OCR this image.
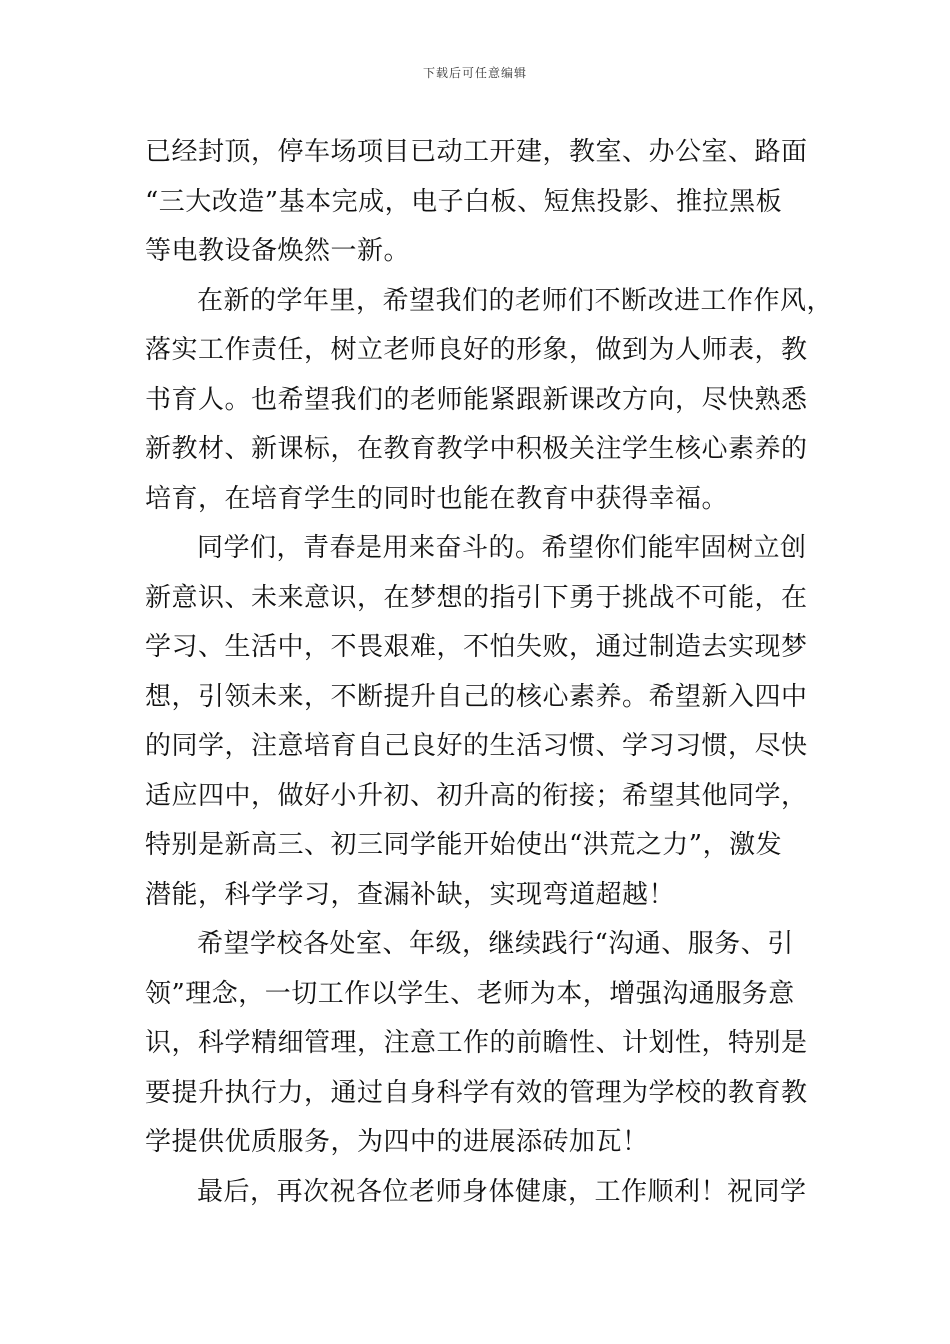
下载后可任意编辑
已经封顶，停车场项目已动工开建，教室、办公室、路面
“三大改造”基本完成，电子白板、短焦投影、推拉黑板
等电教设备焕然一新。
在新的学年里，希望我们的老师们不断改进工作作风，
落实工作责任，树立老师良好的形象，做到为人师表，教
书育人。也希望我们的老师能紧跟新课改方向，尽快熟悉
新教材、新课标，在教育教学中积极关注学生核心素养的
培育，在培育学生的同时也能在教育中获得幸福。
同学们，青春是用来奋斗的。希望你们能牢固树立创
新意识、未来意识，在梦想的指引下勇于挑战不可能，在
学习、生活中，不畏艰难，不怕失败，通过制造去实现梦
想，引领未来，不断提升自己的核心素养。希望新入四中
的同学，注意培育自己良好的生活习惯、学习习惯，尽快
适应四中，做好小升初、初升高的衔接；希望其他同学，
特别是新高三、初三同学能开始使出“洪荒之力”，激发
潜能，科学学习，查漏补缺，实现弯道超越！
希望学校各处室、年级，继续践行“沟通、服务、引
领”理念，一切工作以学生、老师为本，增强沟通服务意
识，科学精细管理，注意工作的前瞻性、计划性，特别是
要提升执行力，通过自身科学有效的管理为学校的教育教
学提供优质服务，为四中的进展添砖加瓦！
最后，再次祝各位老师身体健康，工作顺利！祝同学
